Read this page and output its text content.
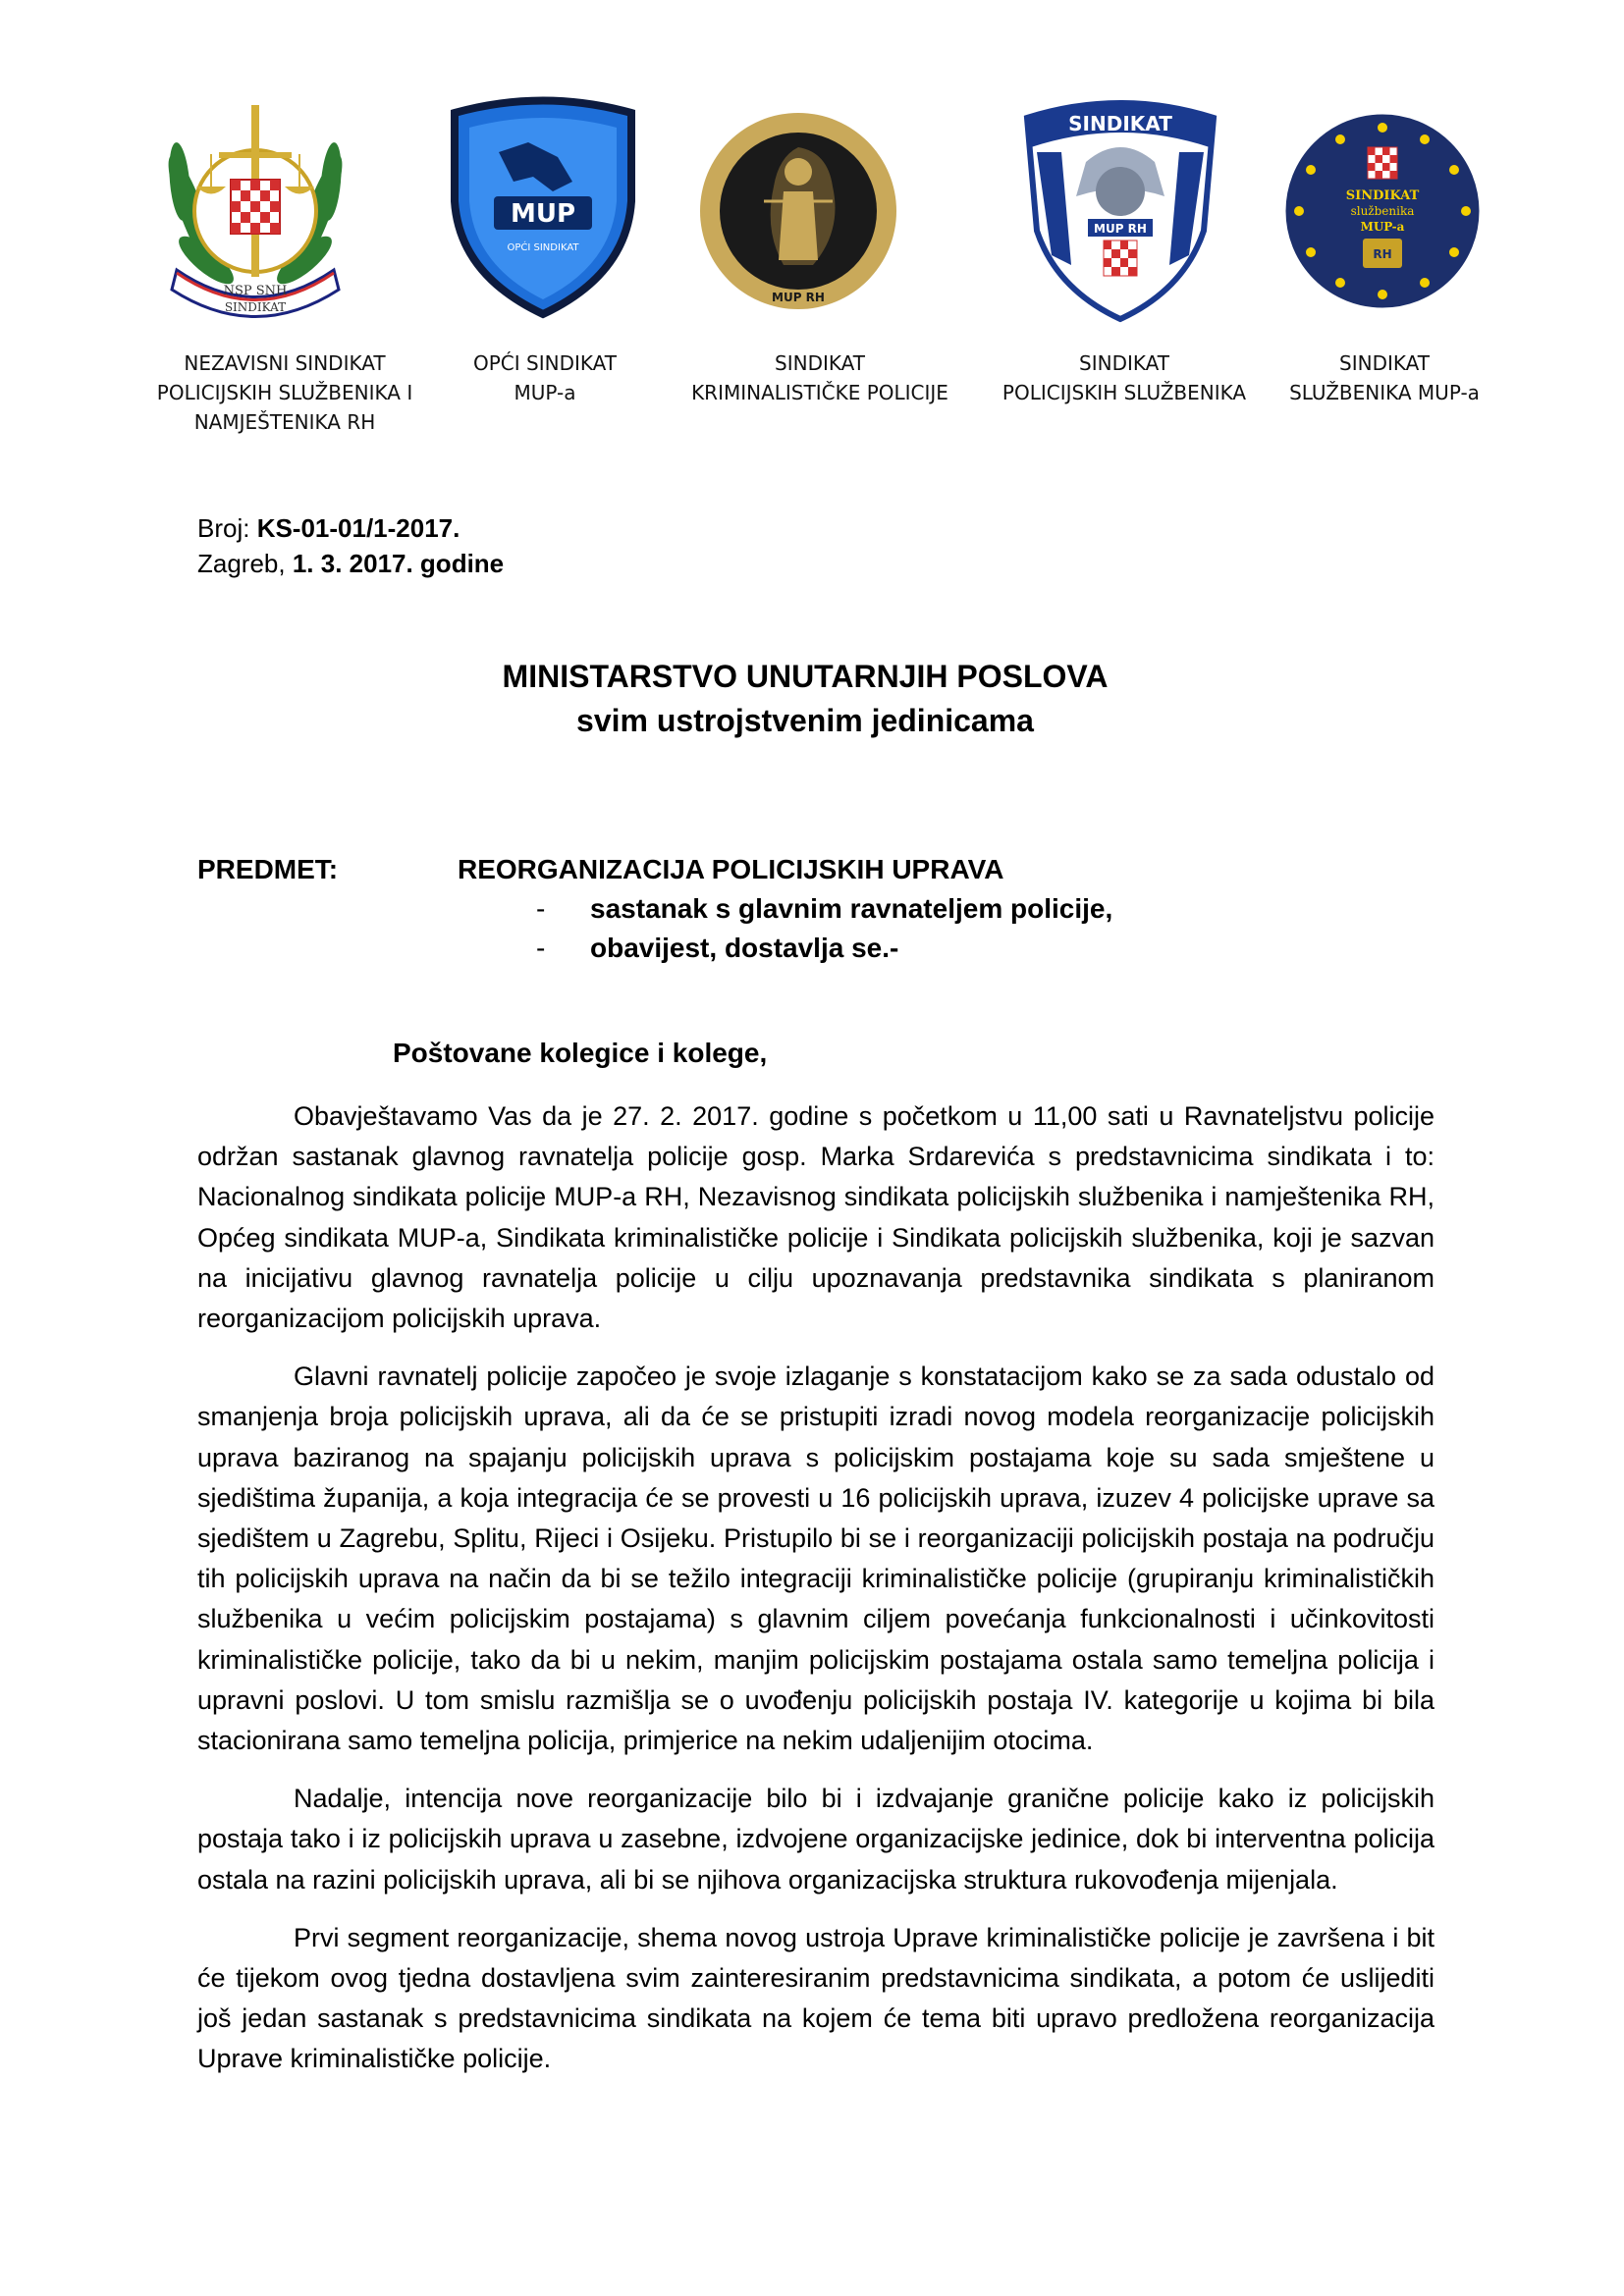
NSP SNH
SINDIKAT
MUP
OPĆI SINDIKAT
MUP RH
SINDIKAT
MUP RH
SINDIKAT
službenika
MUP-a
RH
NEZAVISNI SINDIKAT
POLICIJSKIH SLUŽBENIKA I
NAMJEŠTENIKA RH
OPĆI SINDIKAT
MUP-a
SINDIKAT
KRIMINALISTIČKE POLICIJE
SINDIKAT
POLICIJSKIH SLUŽBENIKA
SINDIKAT
SLUŽBENIKA MUP-a
Broj: KS-01-01/1-2017.
Zagreb, 1. 3. 2017. godine
MINISTARSTVO UNUTARNJIH POSLOVA
svim ustrojstvenim jedinicama
PREDMET:	REORGANIZACIJA POLICIJSKIH UPRAVA
- sastanak s glavnim ravnateljem policije,
- obavijest, dostavlja se.-
Poštovane kolegice i kolege,

Obavještavamo Vas da je 27. 2. 2017. godine s početkom u 11,00 sati u Ravnateljstvu policije održan sastanak glavnog ravnatelja policije gosp. Marka Srdarevića s predstavnicima sindikata i to: Nacionalnog sindikata policije MUP-a RH, Nezavisnog sindikata policijskih službenika i namještenika RH, Općeg sindikata MUP-a, Sindikata kriminalističke policije i Sindikata policijskih službenika, koji je sazvan na inicijativu glavnog ravnatelja policije u cilju upoznavanja predstavnika sindikata s planiranom reorganizacijom policijskih uprava.

Glavni ravnatelj policije započeo je svoje izlaganje s konstatacijom kako se za sada odustalo od smanjenja broja policijskih uprava, ali da će se pristupiti izradi novog modela reorganizacije policijskih uprava baziranog na spajanju policijskih uprava s policijskim postajama koje su sada smještene u sjedištima županija, a koja integracija će se provesti u 16 policijskih uprava, izuzev 4 policijske uprave sa sjedištem u Zagrebu, Splitu, Rijeci i Osijeku. Pristupilo bi se i reorganizaciji policijskih postaja na području tih policijskih uprava na način da bi se težilo integraciji kriminalističke policije (grupiranju kriminalističkih službenika u većim policijskim postajama) s glavnim ciljem povećanja funkcionalnosti i učinkovitosti kriminalističke policije, tako da bi u nekim, manjim policijskim postajama ostala samo temeljna policija i upravni poslovi. U tom smislu razmišlja se o uvođenju policijskih postaja IV. kategorije u kojima bi bila stacionirana samo temeljna policija, primjerice na nekim udaljenijim otocima.

Nadalje, intencija nove reorganizacije bilo bi i izdvajanje granične policije kako iz policijskih postaja tako i iz policijskih uprava u zasebne, izdvojene organizacijske jedinice, dok bi interventna policija ostala na razini policijskih uprava, ali bi se njihova organizacijska struktura rukovođenja mijenjala.

Prvi segment reorganizacije, shema novog ustroja Uprave kriminalističke policije je završena i bit će tijekom ovog tjedna dostavljena svim zainteresiranim predstavnicima sindikata, a potom će uslijediti još jedan sastanak s predstavnicima sindikata na kojem će tema biti upravo predložena reorganizacija Uprave kriminalističke policije.
